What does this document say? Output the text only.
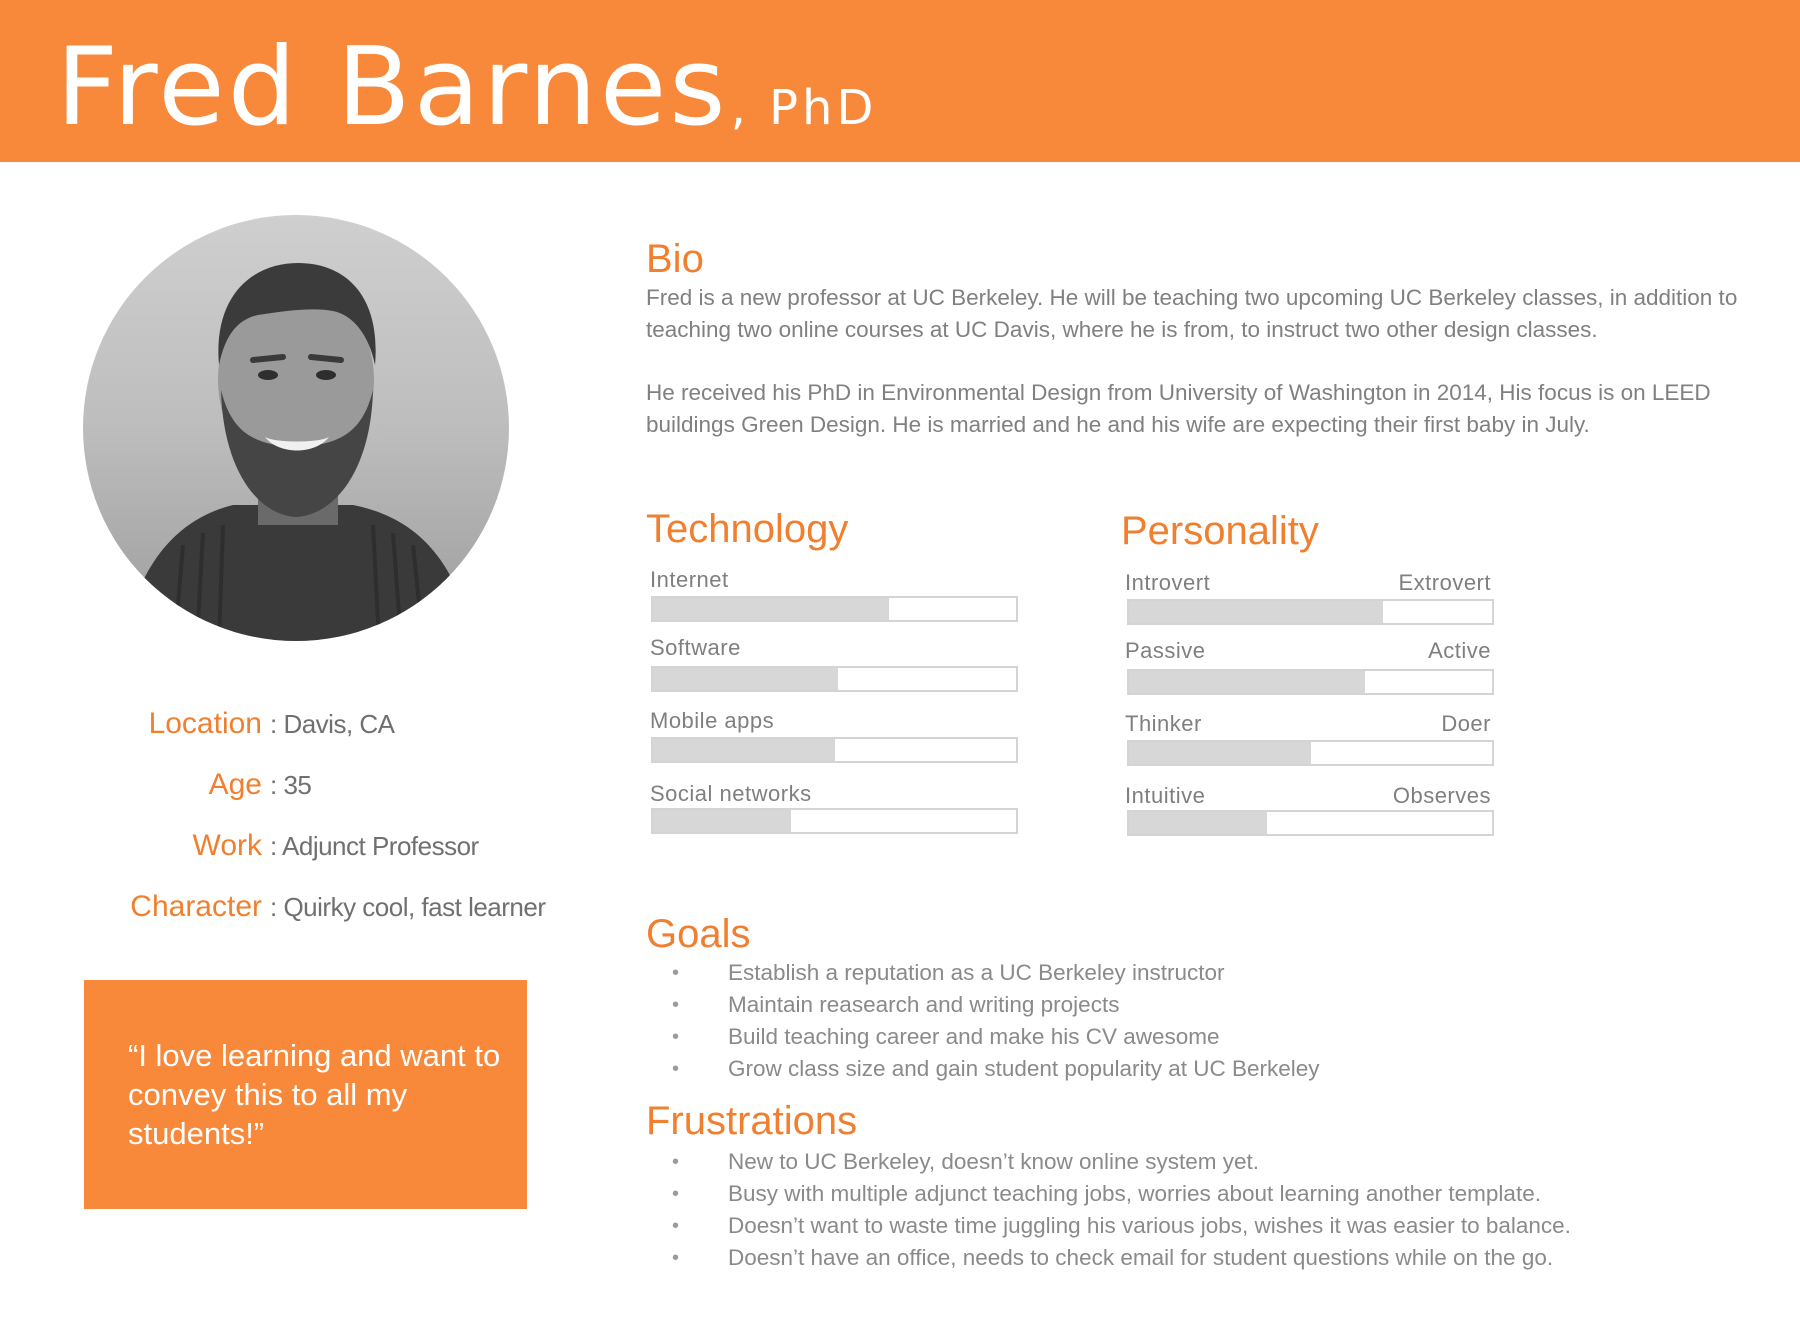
Fred Barnes, PhD
Location : Davis, CA
Age : 35
Work : Adjunct Professor
Character : Quirky cool, fast learner
“I love learning and want to convey this to all my students!”
Bio

Fred is a new professor at UC Berkeley. He will be teaching two upcoming UC Berkeley classes, in addition to teaching two online courses at UC Davis, where he is from, to instruct two other design classes.

He received his PhD in Environmental Design from University of Washington in 2014, His focus is on LEED buildings Green Design. He is married and he and his wife are expecting their first baby in July.

Technology
Internet
Software
Mobile apps
Social networks
Personality
Introvert	Extrovert
Passive	Active
Thinker	Doer
Intuitive	Observes
Goals
• Establish a reputation as a UC Berkeley instructor
• Maintain reasearch and writing projects
• Build teaching career and make his CV awesome
• Grow class size and gain student popularity at UC Berkeley
Frustrations
• New to UC Berkeley, doesn’t know online system yet.
• Busy with multiple adjunct teaching jobs, worries about learning another template.
• Doesn’t want to waste time juggling his various jobs, wishes it was easier to balance.
• Doesn’t have an office, needs to check email for student questions while on the go.
